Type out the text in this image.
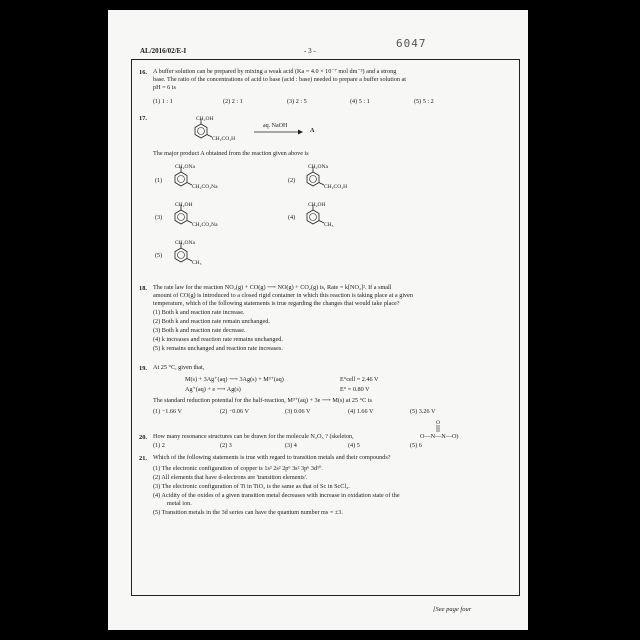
AL/2016/02/E-I	- 3 -
6047
16. A buffer solution can be prepared by mixing a weak acid (Ka = 4.0 × 10⁻⁷ mol dm⁻³) and a strong
base. The ratio of the concentrations of acid to base (acid : base) needed to prepare a buffer solution at
pH = 6 is
(1) 1 : 1	(2) 2 : 1	(3) 2 : 5	(4) 5 : 1	(5) 5 : 2
17.	CH₂OH
CH₂CO₂H
aq. NaOH
→ A
The major product A obtained from the reaction given above is
(1)
CH₂ONa
CH₂CO₂Na
(2)
CH₂ONa
CH₂CO₂H
(3)
CH₂OH
CH₂CO₂Na
(4)
CH₂OH
CH₃
(5)
CH₂ONa
CH₃
18. The rate law for the reaction NO₂(g) + CO(g) ⟶ NO(g) + CO₂(g) is, Rate = k[NO₂]². If a small
amount of CO(g) is introduced to a closed rigid container in which this reaction is taking place at a given
temperature, which of the following statements is true regarding the changes that would take place?
(1) Both k and reaction rate increase.
(2) Both k and reaction rate remain unchanged.
(3) Both k and reaction rate decrease.
(4) k increases and reaction rate remains unchanged.
(5) k remains unchanged and reaction rate increases.
19. At 25 °C, given that,
M(s) + 3Ag⁺(aq) ⟶ 3Ag(s) + M³⁺(aq)	E°cell = 2.46 V
Ag⁺(aq) + e ⟶ Ag(s)	E° = 0.80 V
The standard reduction potential for the half-reaction, M³⁺(aq) + 3e ⟶ M(s) at 25 °C is
(1) −1.66 V	(2) −0.06 V	(3) 0.06 V	(4) 1.66 V	(5) 3.26 V
O
20. How many resonance structures can be drawn for the molecule N₂O₃ ? (skeleton,	O—N—N—O)
(1) 2	(2) 3	(3) 4	(4) 5	(5) 6
21. Which of the following statements is true with regard to transition metals and their compounds?
(1) The electronic configuration of copper is 1s² 2s² 2p⁶ 3s² 3p⁶ 3d¹⁰.
(2) All elements that have d-electrons are 'transition elements'.
(3) The electronic configuration of Ti in TiO₂ is the same as that of Sc in ScCl₃.
(4) Acidity of the oxides of a given transition metal decreases with increase in oxidation state of the
metal ion.
(5) Transition metals in the 3d series can have the quantum number ms = ±3.
[See page four
